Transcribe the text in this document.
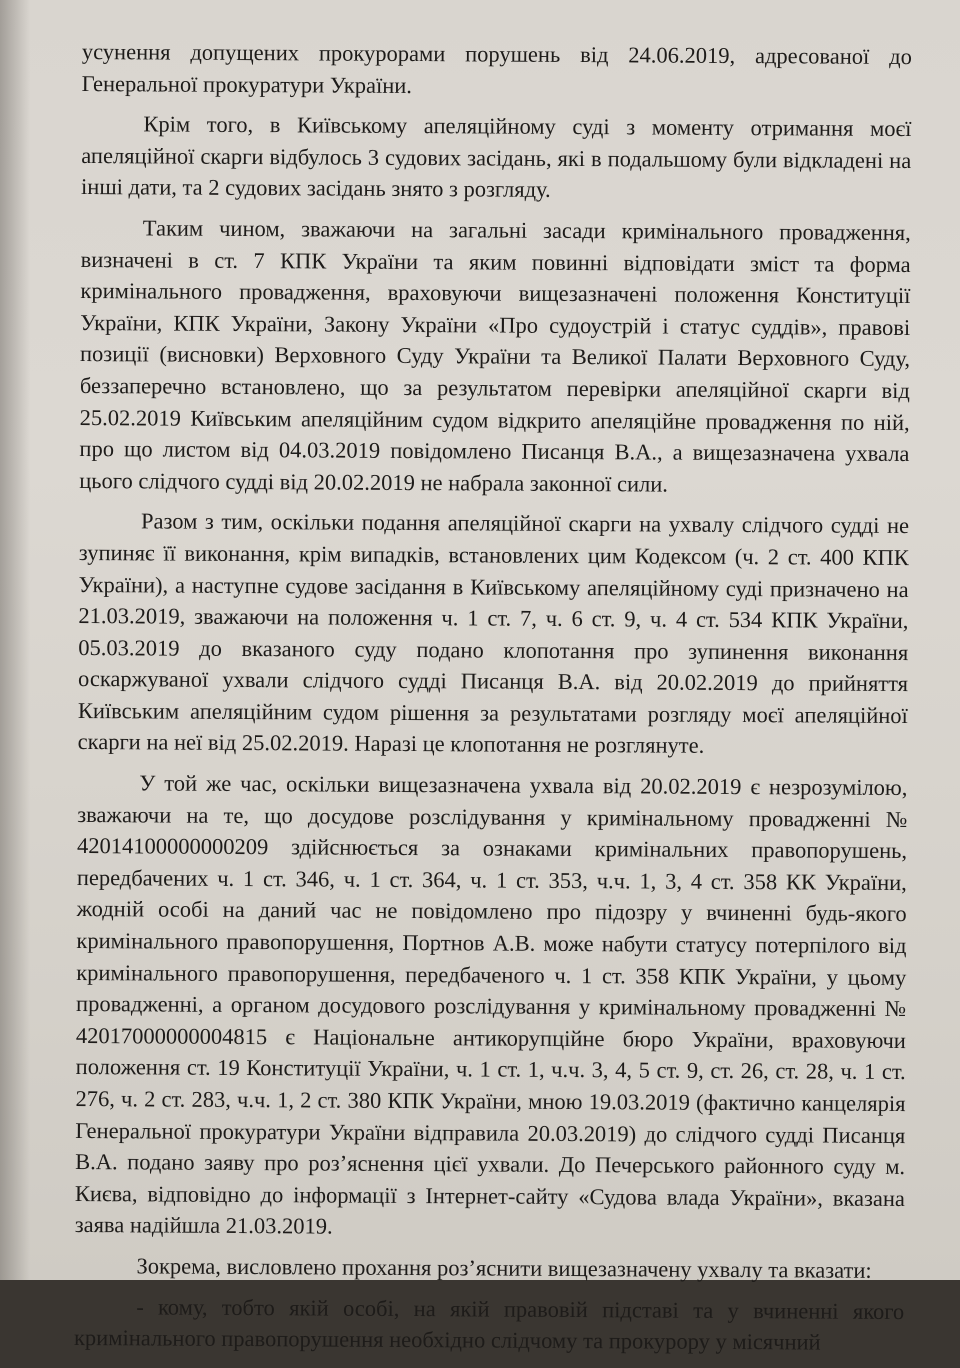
усунення допущених прокурорами порушень від 24.06.2019, адресованої до Генеральної прокуратури України.

Крім того, в Київському апеляційному суді з моменту отримання моєї апеляційної скарги відбулось 3 судових засідань, які в подальшому були відкладені на інші дати, та 2 судових засідань знято з розгляду.

Таким чином, зважаючи на загальні засади кримінального провадження, визначені в ст. 7 КПК України та яким повинні відповідати зміст та форма кримінального провадження, враховуючи вищезазначені положення Конституції України, КПК України, Закону України «Про судоустрій і статус суддів», правові позиції (висновки) Верховного Суду України та Великої Палати Верховного Суду, беззаперечно встановлено, що за результатом перевірки апеляційної скарги від 25.02.2019 Київським апеляційним судом відкрито апеляційне провадження по ній, про що листом від 04.03.2019 повідомлено Писанця В.А., а вищезазначена ухвала цього слідчого судді від 20.02.2019 не набрала законної сили.

Разом з тим, оскільки подання апеляційної скарги на ухвалу слідчого судді не зупиняє її виконання, крім випадків, встановлених цим Кодексом (ч. 2 ст. 400 КПК України), а наступне судове засідання в Київському апеляційному суді призначено на 21.03.2019, зважаючи на положення ч. 1 ст. 7, ч. 6 ст. 9, ч. 4 ст. 534 КПК України, 05.03.2019 до вказаного суду подано клопотання про зупинення виконання оскаржуваної ухвали слідчого судді Писанця В.А. від 20.02.2019 до прийняття Київським апеляційним судом рішення за результатами розгляду моєї апеляційної скарги на неї від 25.02.2019. Наразі це клопотання не розглянуте.

У той же час, оскільки вищезазначена ухвала від 20.02.2019 є незрозумілою, зважаючи на те, що досудове розслідування у кримінальному провадженні № 42014100000000209 здійснюється за ознаками кримінальних правопорушень, передбачених ч. 1 ст. 346, ч. 1 ст. 364, ч. 1 ст. 353, ч.ч. 1, 3, 4 ст. 358 КК України, жодній особі на даний час не повідомлено про підозру у вчиненні будь-якого кримінального правопорушення, Портнов А.В. може набути статусу потерпілого від кримінального правопорушення, передбаченого ч. 1 ст. 358 КПК України, у цьому провадженні, а органом досудового розслідування у кримінальному провадженні № 42017000000004815 є Національне антикорупційне бюро України, враховуючи положення ст. 19 Конституції України, ч. 1 ст. 1, ч.ч. 3, 4, 5 ст. 9, ст. 26, ст. 28, ч. 1 ст. 276, ч. 2 ст. 283, ч.ч. 1, 2 ст. 380 КПК України, мною 19.03.2019 (фактично канцелярія Генеральної прокуратури України відправила 20.03.2019) до слідчого судді Писанця В.А. подано заяву про роз’яснення цієї ухвали. До Печерського районного суду м. Києва, відповідно до інформації з Інтернет-сайту «Судова влада України», вказана заява надійшла 21.03.2019.

Зокрема, висловлено прохання роз’яснити вищезазначену ухвалу та вказати:

- кому, тобто якій особі, на якій правовій підставі та у вчиненні якого кримінального правопорушення необхідно слідчому та прокурору у місячний
